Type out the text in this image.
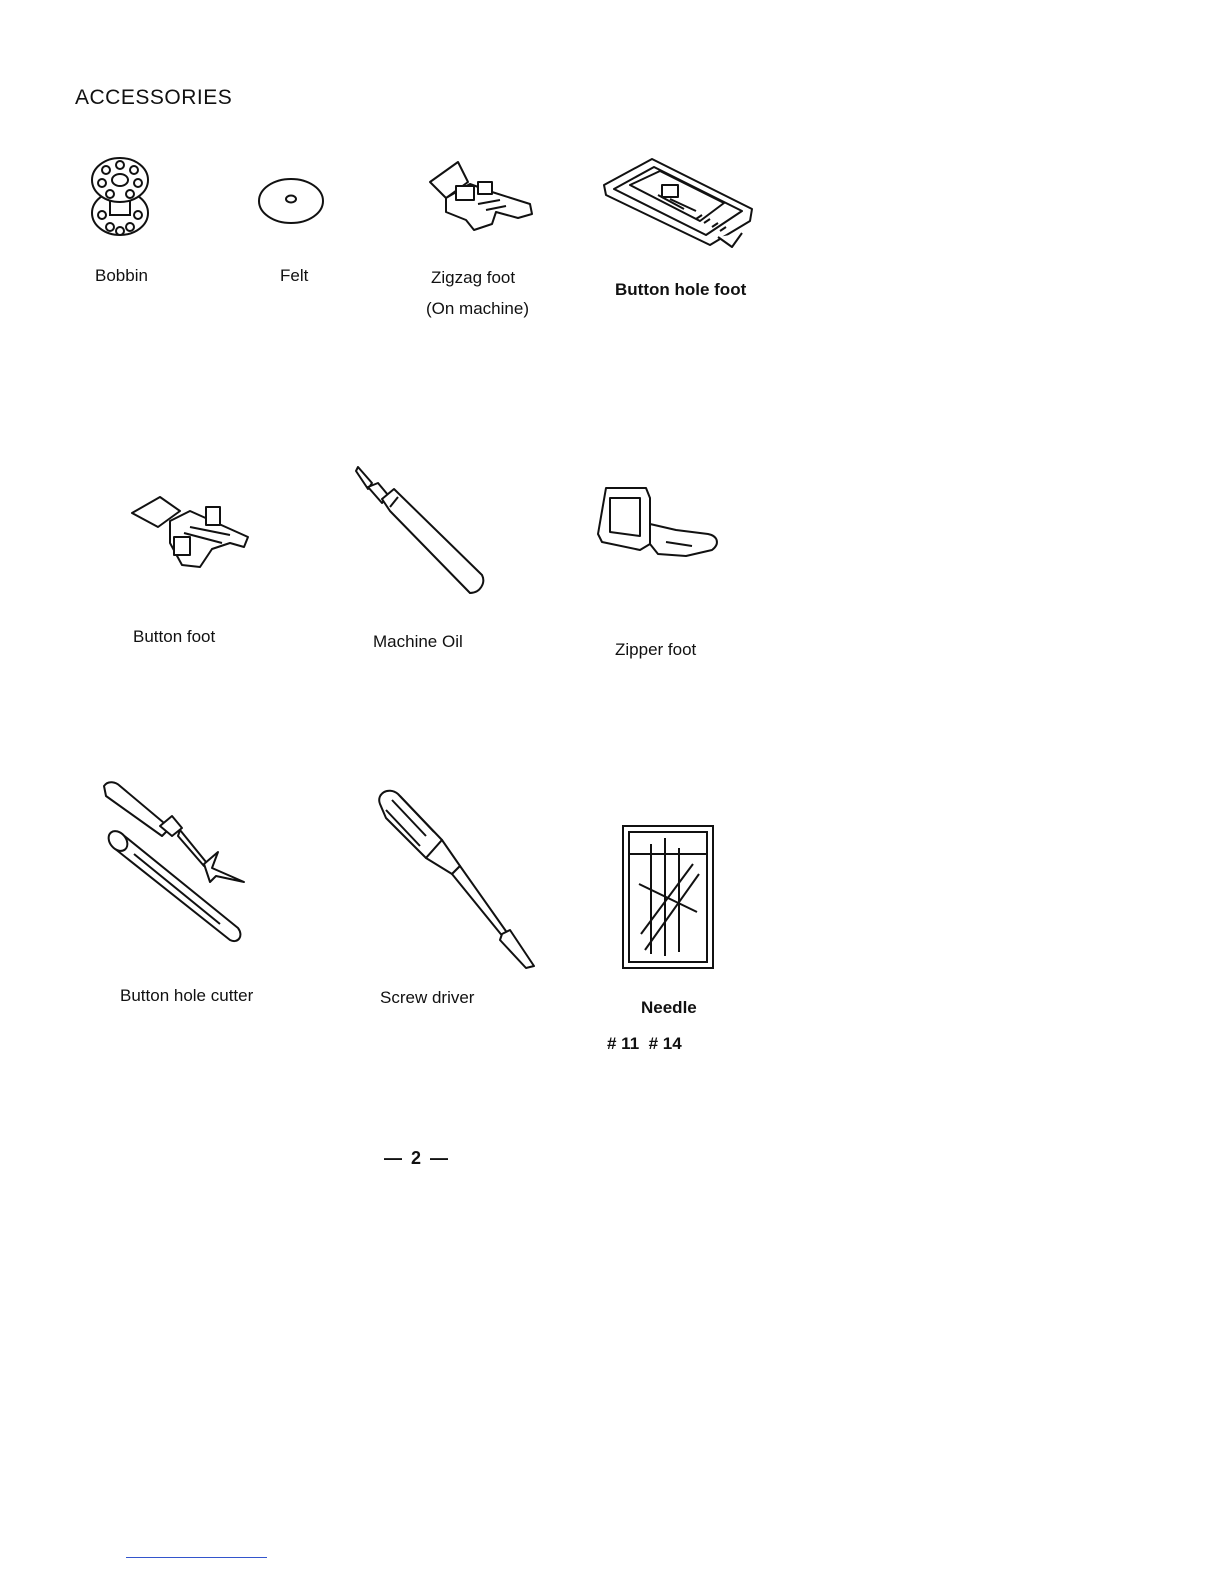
ACCESSORIES
Bobbin	Felt	Zigzag foot
(On machine)
Button hole foot
Button foot	Machine Oil	Zipper foot
Button hole cutter	Screw driver
Needle
# 11  # 14
— 2 —
